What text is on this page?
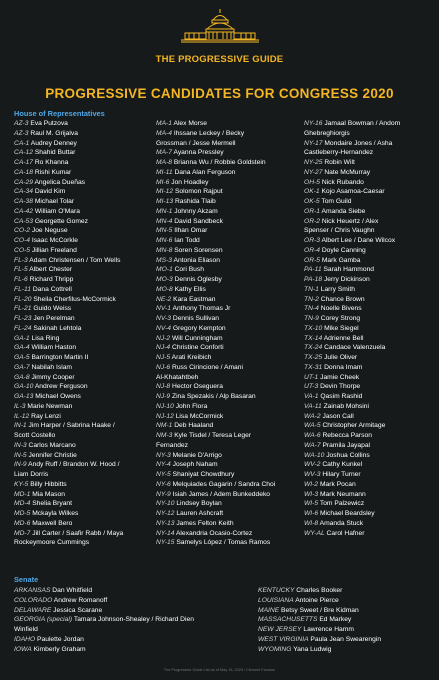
THE PROGRESSIVE GUIDE
PROGRESSIVE CANDIDATES FOR CONGRESS 2020
House of Representatives
AZ-3 Eva Putzova
AZ-3 Raul M. Grijalva
CA-1 Audrey Denney
CA-12 Shahid Buttar
CA-17 Ro Khanna
CA-18 Rishi Kumar
CA-29 Angelica Dueñas
CA-34 David Kim
CA-38 Michael Tolar
CA-42 William O'Mara
CA-53 Georgette Gomez
CO-2 Joe Neguse
CO-4 Isaac McCorkle
CO-5 Jillian Freeland
FL-3 Adam Christensen / Tom Wells
FL-5 Albert Chester
FL-6 Richard Thripp
FL-11 Dana Cottrell
FL-20 Sheila Cherfilus-McCormick
FL-21 Guido Weiss
FL-23 Jen Perelman
FL-24 Sakinah Lehtola
GA-1 Lisa Ring
GA-4 William Haston
GA-5 Barrington Martin II
GA-7 Nabilah Islam
GA-8 Jimmy Cooper
GA-10 Andrew Ferguson
GA-13 Michael Owens
IL-3 Marie Newman
IL-12 Ray Lenzi
IN-1 Jim Harper / Sabrina Haake /
Scott Costello
IN-3 Carlos Marcano
IN-5 Jennifer Christie
IN-9 Andy Ruff / Brandon W. Hood /
Liam Dorris
KY-5 Billy Hibbitts
MD-1 Mia Mason
MD-4 Shelia Bryant
MD-5 Mckayla Wilkes
MD-6 Maxwell Bero
MD-7 Jill Carter / Saafir Rabb / Maya
Rockeymoore Cummings
MA-1 Alex Morse
MA-4 Ihssane Leckey / Becky
Grossman / Jesse Mermell
MA-7 Ayanna Pressley
MA-8 Brianna Wu / Robbie Goldstein
MI-11 Dana Alan Ferguson
MI-6 Jon Hoadley
MI-12 Solomon Rajput
MI-13 Rashida Tlaib
MN-1 Johnny Akzam
MN-4 David Sandbeck
MN-5 Ilhan Omar
MN-6 Ian Todd
MN-8 Soren Sorensen
MS-3 Antonia Eliason
MO-1 Cori Bush
MO-3 Dennis Oglesby
MO-8 Kathy Ellis
NE-2 Kara Eastman
NV-1 Anthony Thomas Jr
NV-3 Dennis Sullivan
NV-4 Gregory Kempton
NJ-2 Will Cunningham
NJ-4 Christine Conforti
NJ-5 Arati Kreibich
NJ-6 Russ Cirincione / Amani
Al-Khatahtbeh
NJ-8 Hector Oseguera
NJ-9 Zina Spezakis / Alp Basaran
NJ-10 John Flora
NJ-12 Lisa McCormick
NM-1 Deb Haaland
NM-3 Kyle Tisdel / Teresa Leger
Fernandez
NY-3 Melanie D'Arrigo
NY-4 Joseph Naham
NY-5 Shaniyat Chowdhury
NY-6 Melquiades Gagarin / Sandra Choi
NY-9 Isiah James / Adem Bunkeddeko
NY-10 Lindsey Boylan
NY-12 Lauren Ashcraft
NY-13 James Felton Keith
NY-14 Alexandria Ocasio-Cortez
NY-15 Samelys López / Tomas Ramos
NY-16 Jamaal Bowman / Andom
Ghebreghiorgis
NY-17 Mondaire Jones / Asha
Castleberry-Hernandez
NY-25 Robin Wilt
NY-27 Nate McMurray
OH-5 Nick Rubando
OK-1 Kojo Asamoa-Caesar
OK-5 Tom Guild
OR-1 Amanda Siebe
OR-2 Nick Heuertz / Alex
Spenser / Chris Vaughn
OR-3 Albert Lee / Dane Wilcox
OR-4 Doyle Canning
OR-5 Mark Gamba
PA-11 Sarah Hammond
PA-18 Jerry Dickinson
TN-1 Larry Smith
TN-2 Chance Brown
TN-4 Noelle Bivens
TN-9 Corey Strong
TX-10 Mike Siegel
TX-14 Adrienne Bell
TX-24 Candace Valenzuela
TX-25 Julie Oliver
TX-31 Donna Imam
UT-1 Jamie Cheek
UT-3 Devin Thorpe
VA-1 Qasim Rashid
VA-11 Zainab Mohsini
WA-2 Jason Call
WA-5 Christopher Armitage
WA-6 Rebecca Parson
WA-7 Pramila Jayapal
WA-10 Joshua Collins
WV-2 Cathy Kunkel
WV-3 Hilary Turner
WI-2 Mark Pocan
WI-3 Mark Neumann
WI-5 Tom Palzewicz
WI-6 Michael Beardsley
WI-8 Amanda Stuck
WY-AL Carol Hafner
Senate
ARKANSAS Dan Whitfield
COLORADO Andrew Romanoff
DELAWARE Jessica Scarane
GEORGIA (special) Tamara Johnson-Shealey / Richard Dien
Winfield
IDAHO Paulette Jordan
IOWA Kimberly Graham
KENTUCKY Charles Booker
LOUISIANA Antoine Pierce
MAINE Betsy Sweet / Bre Kidman
MASSACHUSETTS Ed Markey
NEW JERSEY Lawrence Hamm
WEST VIRGINIA Paula Jean Swearengin
WYOMING Yana Ludwig
The Progressive Guide List as of May 15, 2020 / Clement Favaron
